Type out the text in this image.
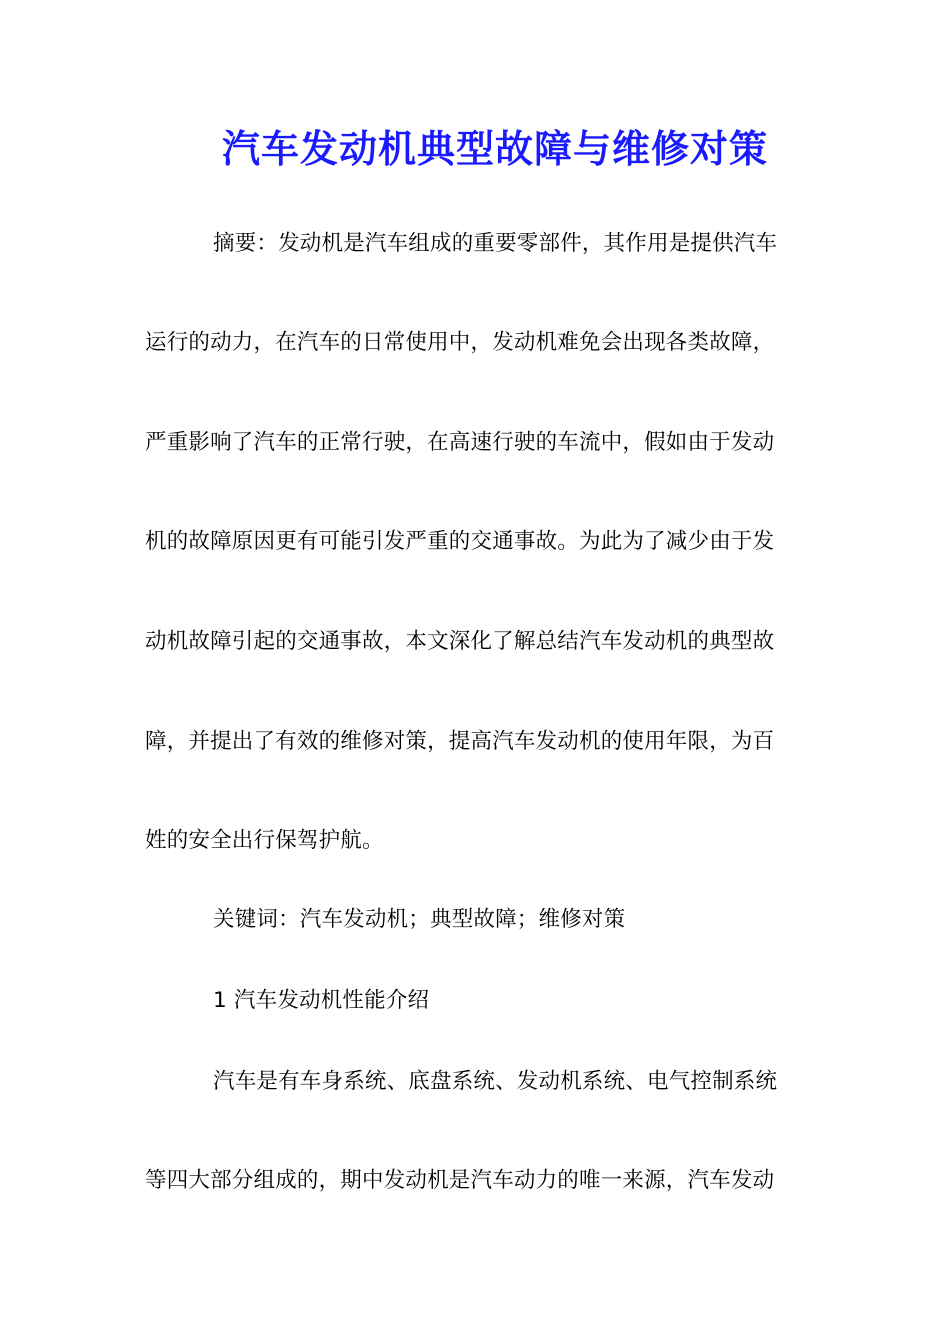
汽车发动机典型故障与维修对策
摘要：发动机是汽车组成的重要零部件，其作用是提供汽车
运行的动力，在汽车的日常使用中，发动机难免会出现各类故障，
严重影响了汽车的正常行驶，在高速行驶的车流中，假如由于发动
机的故障原因更有可能引发严重的交通事故。为此为了减少由于发
动机故障引起的交通事故，本文深化了解总结汽车发动机的典型故
障，并提出了有效的维修对策，提高汽车发动机的使用年限，为百
姓的安全出行保驾护航。
关键词：汽车发动机；典型故障；维修对策
1 汽车发动机性能介绍
汽车是有车身系统、底盘系统、发动机系统、电气控制系统
等四大部分组成的，期中发动机是汽车动力的唯一来源，汽车发动
